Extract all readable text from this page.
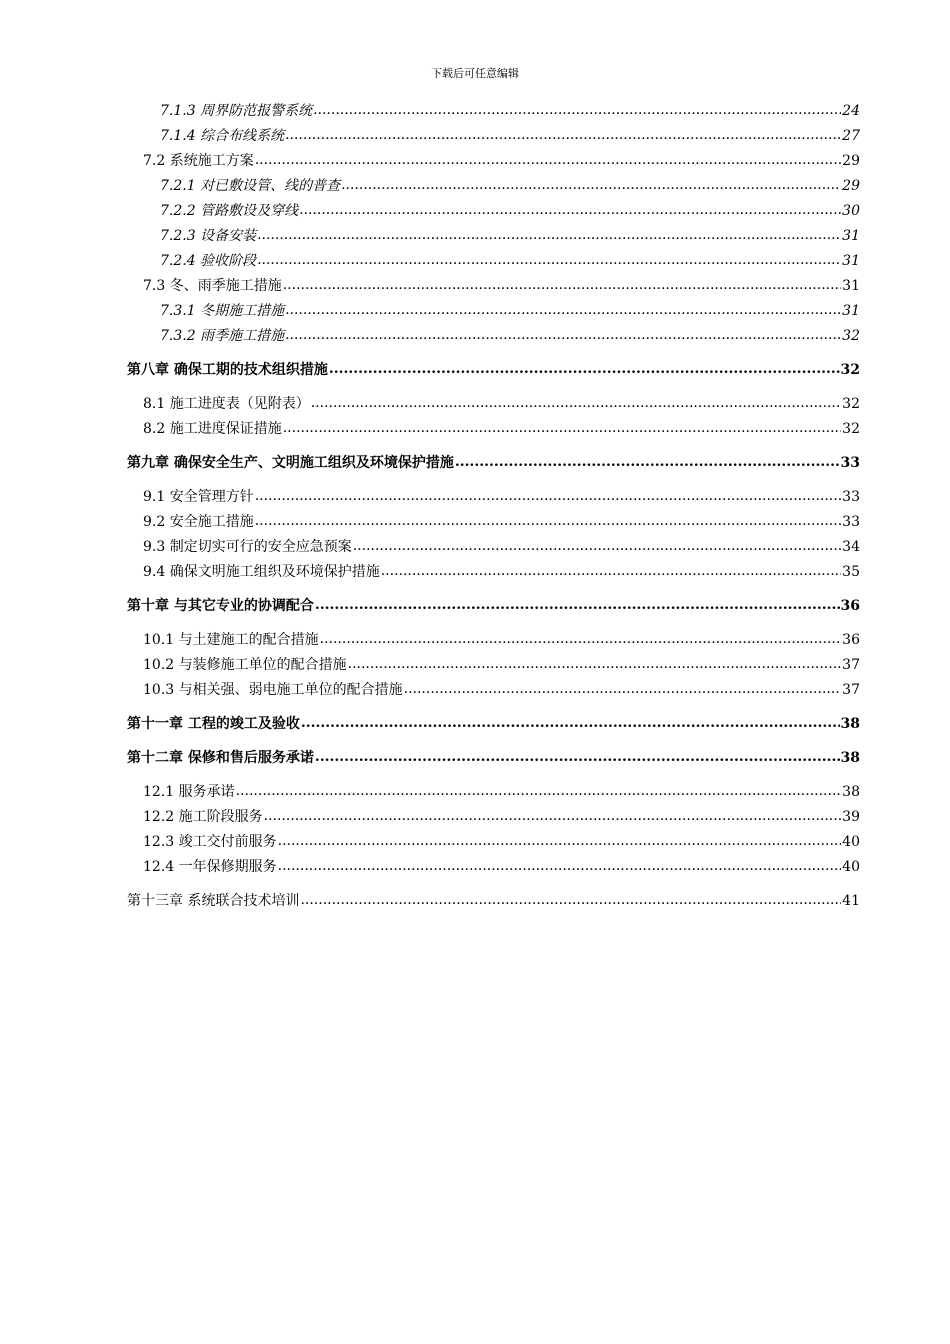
下载后可任意编辑
7.1.3 周界防范报警系统 .....	24
7.1.4 综合布线系统 .....	27
7.2 系统施工方案 .....	29
7.2.1 对已敷设管、线的普查 .....	29
7.2.2 管路敷设及穿线 .....	30
7.2.3 设备安装 .....	31
7.2.4 验收阶段 .....	31
7.3 冬、雨季施工措施 .....	31
7.3.1 冬期施工措施 .....	31
7.3.2 雨季施工措施 .....	32
第八章 确保工期的技术组织措施 .....	32
8.1 施工进度表（见附表） .....	32
8.2 施工进度保证措施 .....	32
第九章 确保安全生产、文明施工组织及环境保护措施 .....	33
9.1 安全管理方针 .....	33
9.2 安全施工措施 .....	33
9.3 制定切实可行的安全应急预案 .....	34
9.4 确保文明施工组织及环境保护措施 .....	35
第十章 与其它专业的协调配合 .....	36
10.1 与土建施工的配合措施 .....	36
10.2 与装修施工单位的配合措施 .....	37
10.3 与相关强、弱电施工单位的配合措施 .....	37
第十一章 工程的竣工及验收 .....	38
第十二章 保修和售后服务承诺 .....	38
12.1 服务承诺 .....	38
12.2 施工阶段服务 .....	39
12.3 竣工交付前服务 .....	40
12.4 一年保修期服务 .....	40
第十三章 系统联合技术培训 .....	41
